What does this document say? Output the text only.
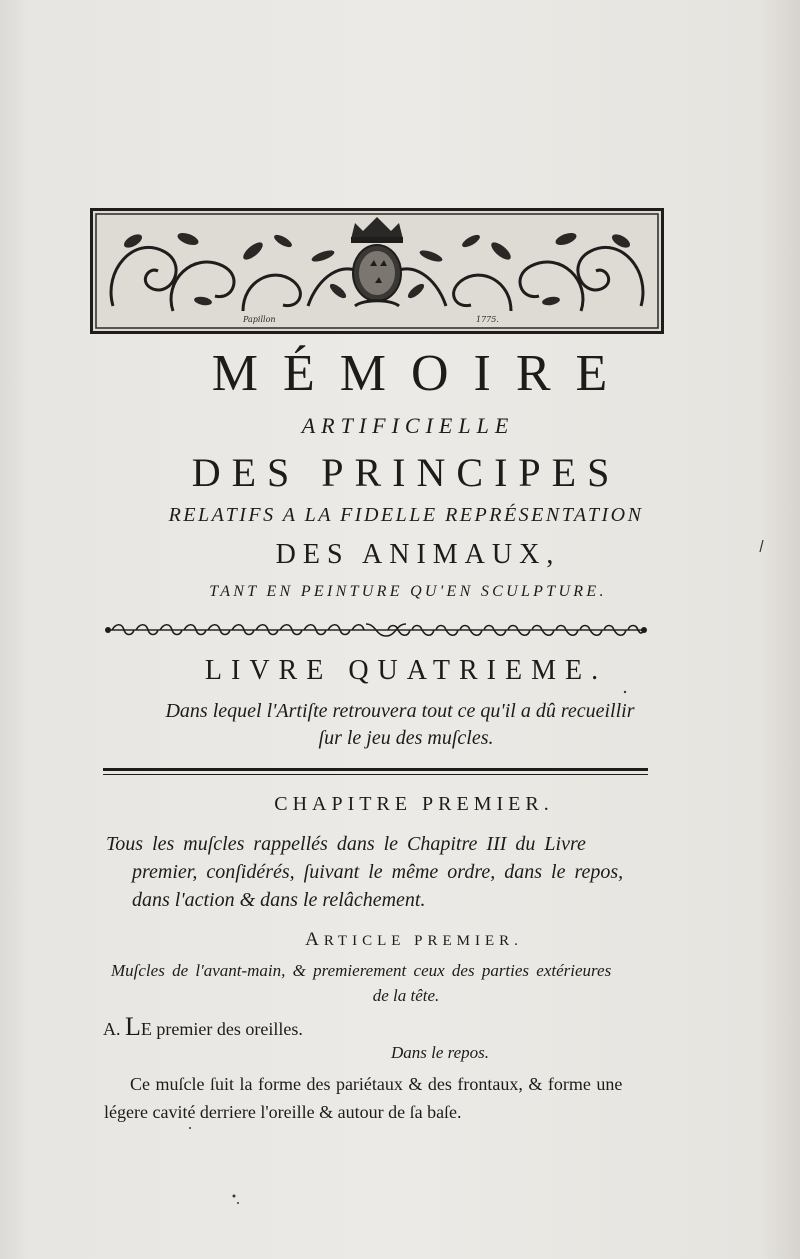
Papillon	1775.
MÉMOIRE
ARTIFICIELLE
DES PRINCIPES
RELATIFS A LA FIDELLE REPRÉSENTATION
DES ANIMAUX,
TANT EN PEINTURE QU'EN SCULPTURE.
LIVRE QUATRIEME.
Dans lequel l'Artiſte retrouvera tout ce qu'il a dû recueillir
ſur le jeu des muſcles.
CHAPITRE PREMIER.
Tous les muſcles rappellés dans le Chapitre III du Livre
premier, conſidérés, ſuivant le même ordre, dans le repos,
dans l'action & dans le relâchement.
ARTICLE PREMIER.
Muſcles de l'avant-main, & premierement ceux des parties extérieures
de la tête.
A. LE premier des oreilles.
Dans le repos.
Ce muſcle ſuit la forme des pariétaux & des frontaux, & forme une
légere cavité derriere l'oreille & autour de ſa baſe.
